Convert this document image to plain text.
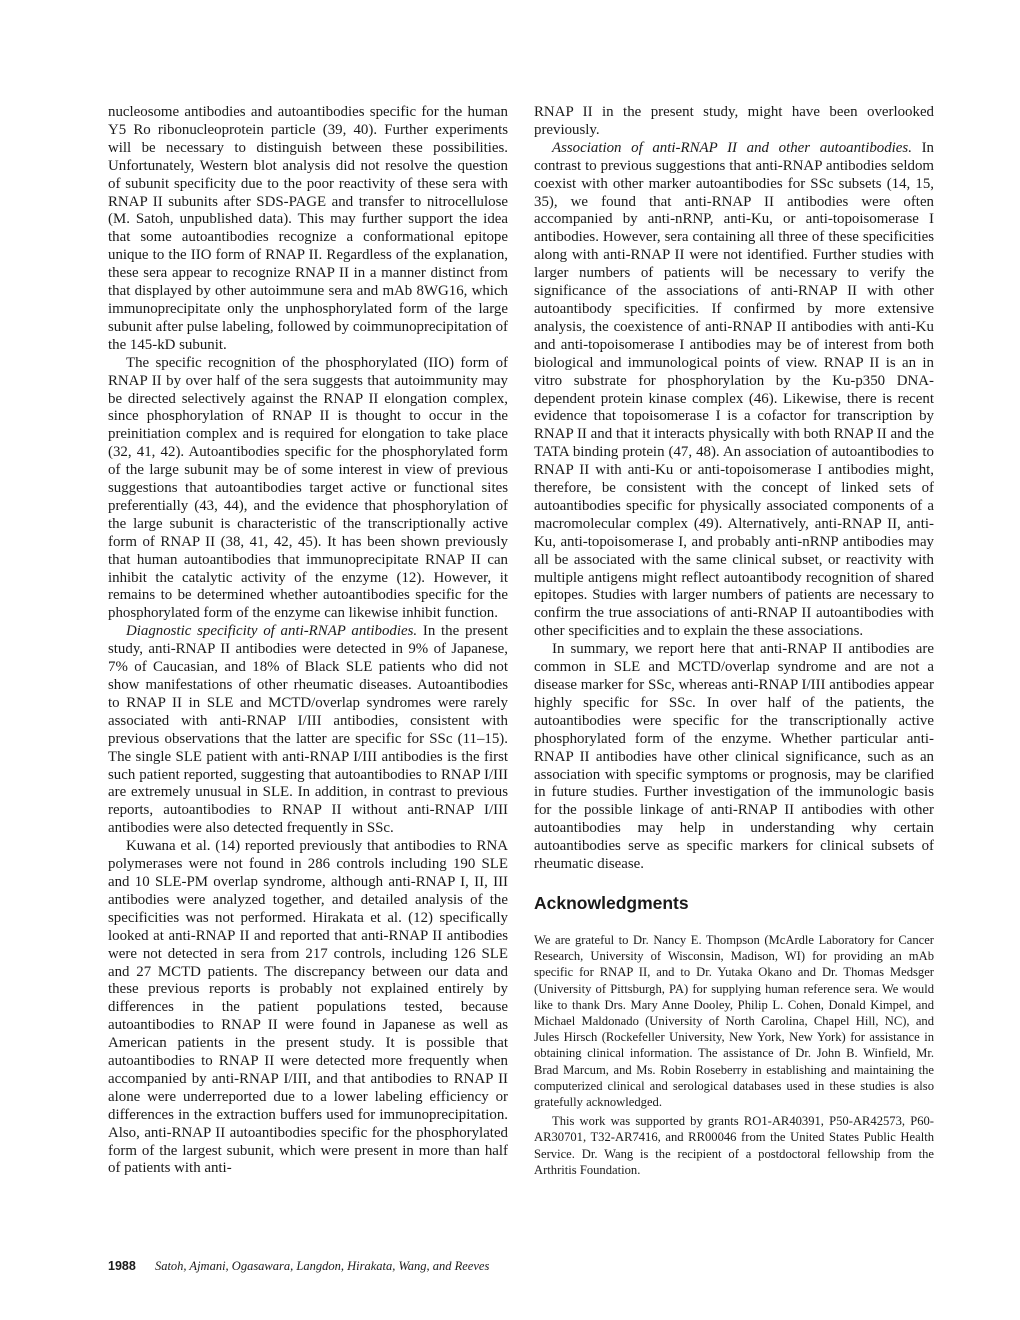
nucleosome antibodies and autoantibodies specific for the human Y5 Ro ribonucleoprotein particle (39, 40). Further experiments will be necessary to distinguish between these possibilities. Unfortunately, Western blot analysis did not resolve the question of subunit specificity due to the poor reactivity of these sera with RNAP II subunits after SDS-PAGE and transfer to nitrocellulose (M. Satoh, unpublished data). This may further support the idea that some autoantibodies recognize a conformational epitope unique to the IIO form of RNAP II. Regardless of the explanation, these sera appear to recognize RNAP II in a manner distinct from that displayed by other autoimmune sera and mAb 8WG16, which immunoprecipitate only the unphosphorylated form of the large subunit after pulse labeling, followed by coimmunoprecipitation of the 145-kD subunit.

The specific recognition of the phosphorylated (IIO) form of RNAP II by over half of the sera suggests that autoimmunity may be directed selectively against the RNAP II elongation complex, since phosphorylation of RNAP II is thought to occur in the preinitiation complex and is required for elongation to take place (32, 41, 42). Autoantibodies specific for the phosphorylated form of the large subunit may be of some interest in view of previous suggestions that autoantibodies target active or functional sites preferentially (43, 44), and the evidence that phosphorylation of the large subunit is characteristic of the transcriptionally active form of RNAP II (38, 41, 42, 45). It has been shown previously that human autoantibodies that immunoprecipitate RNAP II can inhibit the catalytic activity of the enzyme (12). However, it remains to be determined whether autoantibodies specific for the phosphorylated form of the enzyme can likewise inhibit function.

Diagnostic specificity of anti-RNAP antibodies. In the present study, anti-RNAP II antibodies were detected in 9% of Japanese, 7% of Caucasian, and 18% of Black SLE patients who did not show manifestations of other rheumatic diseases. Autoantibodies to RNAP II in SLE and MCTD/overlap syndromes were rarely associated with anti-RNAP I/III antibodies, consistent with previous observations that the latter are specific for SSc (11–15). The single SLE patient with anti-RNAP I/III antibodies is the first such patient reported, suggesting that autoantibodies to RNAP I/III are extremely unusual in SLE. In addition, in contrast to previous reports, autoantibodies to RNAP II without anti-RNAP I/III antibodies were also detected frequently in SSc.

Kuwana et al. (14) reported previously that antibodies to RNA polymerases were not found in 286 controls including 190 SLE and 10 SLE-PM overlap syndrome, although anti-RNAP I, II, III antibodies were analyzed together, and detailed analysis of the specificities was not performed. Hirakata et al. (12) specifically looked at anti-RNAP II and reported that anti-RNAP II antibodies were not detected in sera from 217 controls, including 126 SLE and 27 MCTD patients. The discrepancy between our data and these previous reports is probably not explained entirely by differences in the patient populations tested, because autoantibodies to RNAP II were found in Japanese as well as American patients in the present study. It is possible that autoantibodies to RNAP II were detected more frequently when accompanied by anti-RNAP I/III, and that antibodies to RNAP II alone were underreported due to a lower labeling efficiency or differences in the extraction buffers used for immunoprecipitation. Also, anti-RNAP II autoantibodies specific for the phosphorylated form of the largest subunit, which were present in more than half of patients with anti-

RNAP II in the present study, might have been overlooked previously.

Association of anti-RNAP II and other autoantibodies. In contrast to previous suggestions that anti-RNAP antibodies seldom coexist with other marker autoantibodies for SSc subsets (14, 15, 35), we found that anti-RNAP II antibodies were often accompanied by anti-nRNP, anti-Ku, or anti-topoisomerase I antibodies. However, sera containing all three of these specificities along with anti-RNAP II were not identified. Further studies with larger numbers of patients will be necessary to verify the significance of the associations of anti-RNAP II with other autoantibody specificities. If confirmed by more extensive analysis, the coexistence of anti-RNAP II antibodies with anti-Ku and anti-topoisomerase I antibodies may be of interest from both biological and immunological points of view. RNAP II is an in vitro substrate for phosphorylation by the Ku-p350 DNA-dependent protein kinase complex (46). Likewise, there is recent evidence that topoisomerase I is a cofactor for transcription by RNAP II and that it interacts physically with both RNAP II and the TATA binding protein (47, 48). An association of autoantibodies to RNAP II with anti-Ku or anti-topoisomerase I antibodies might, therefore, be consistent with the concept of linked sets of autoantibodies specific for physically associated components of a macromolecular complex (49). Alternatively, anti-RNAP II, anti-Ku, anti-topoisomerase I, and probably anti-nRNP antibodies may all be associated with the same clinical subset, or reactivity with multiple antigens might reflect autoantibody recognition of shared epitopes. Studies with larger numbers of patients are necessary to confirm the true associations of anti-RNAP II autoantibodies with other specificities and to explain the these associations.

In summary, we report here that anti-RNAP II antibodies are common in SLE and MCTD/overlap syndrome and are not a disease marker for SSc, whereas anti-RNAP I/III antibodies appear highly specific for SSc. In over half of the patients, the autoantibodies were specific for the transcriptionally active phosphorylated form of the enzyme. Whether particular anti-RNAP II antibodies have other clinical significance, such as an association with specific symptoms or prognosis, may be clarified in future studies. Further investigation of the immunologic basis for the possible linkage of anti-RNAP II antibodies with other autoantibodies may help in understanding why certain autoantibodies serve as specific markers for clinical subsets of rheumatic disease.

Acknowledgments

We are grateful to Dr. Nancy E. Thompson (McArdle Laboratory for Cancer Research, University of Wisconsin, Madison, WI) for providing an mAb specific for RNAP II, and to Dr. Yutaka Okano and Dr. Thomas Medsger (University of Pittsburgh, PA) for supplying human reference sera. We would like to thank Drs. Mary Anne Dooley, Philip L. Cohen, Donald Kimpel, and Michael Maldonado (University of North Carolina, Chapel Hill, NC), and Jules Hirsch (Rockefeller University, New York, New York) for assistance in obtaining clinical information. The assistance of Dr. John B. Winfield, Mr. Brad Marcum, and Ms. Robin Roseberry in establishing and maintaining the computerized clinical and serological databases used in these studies is also gratefully acknowledged.

This work was supported by grants RO1-AR40391, P50-AR42573, P60-AR30701, T32-AR7416, and RR00046 from the United States Public Health Service. Dr. Wang is the recipient of a postdoctoral fellowship from the Arthritis Foundation.

1988 Satoh, Ajmani, Ogasawara, Langdon, Hirakata, Wang, and Reeves
